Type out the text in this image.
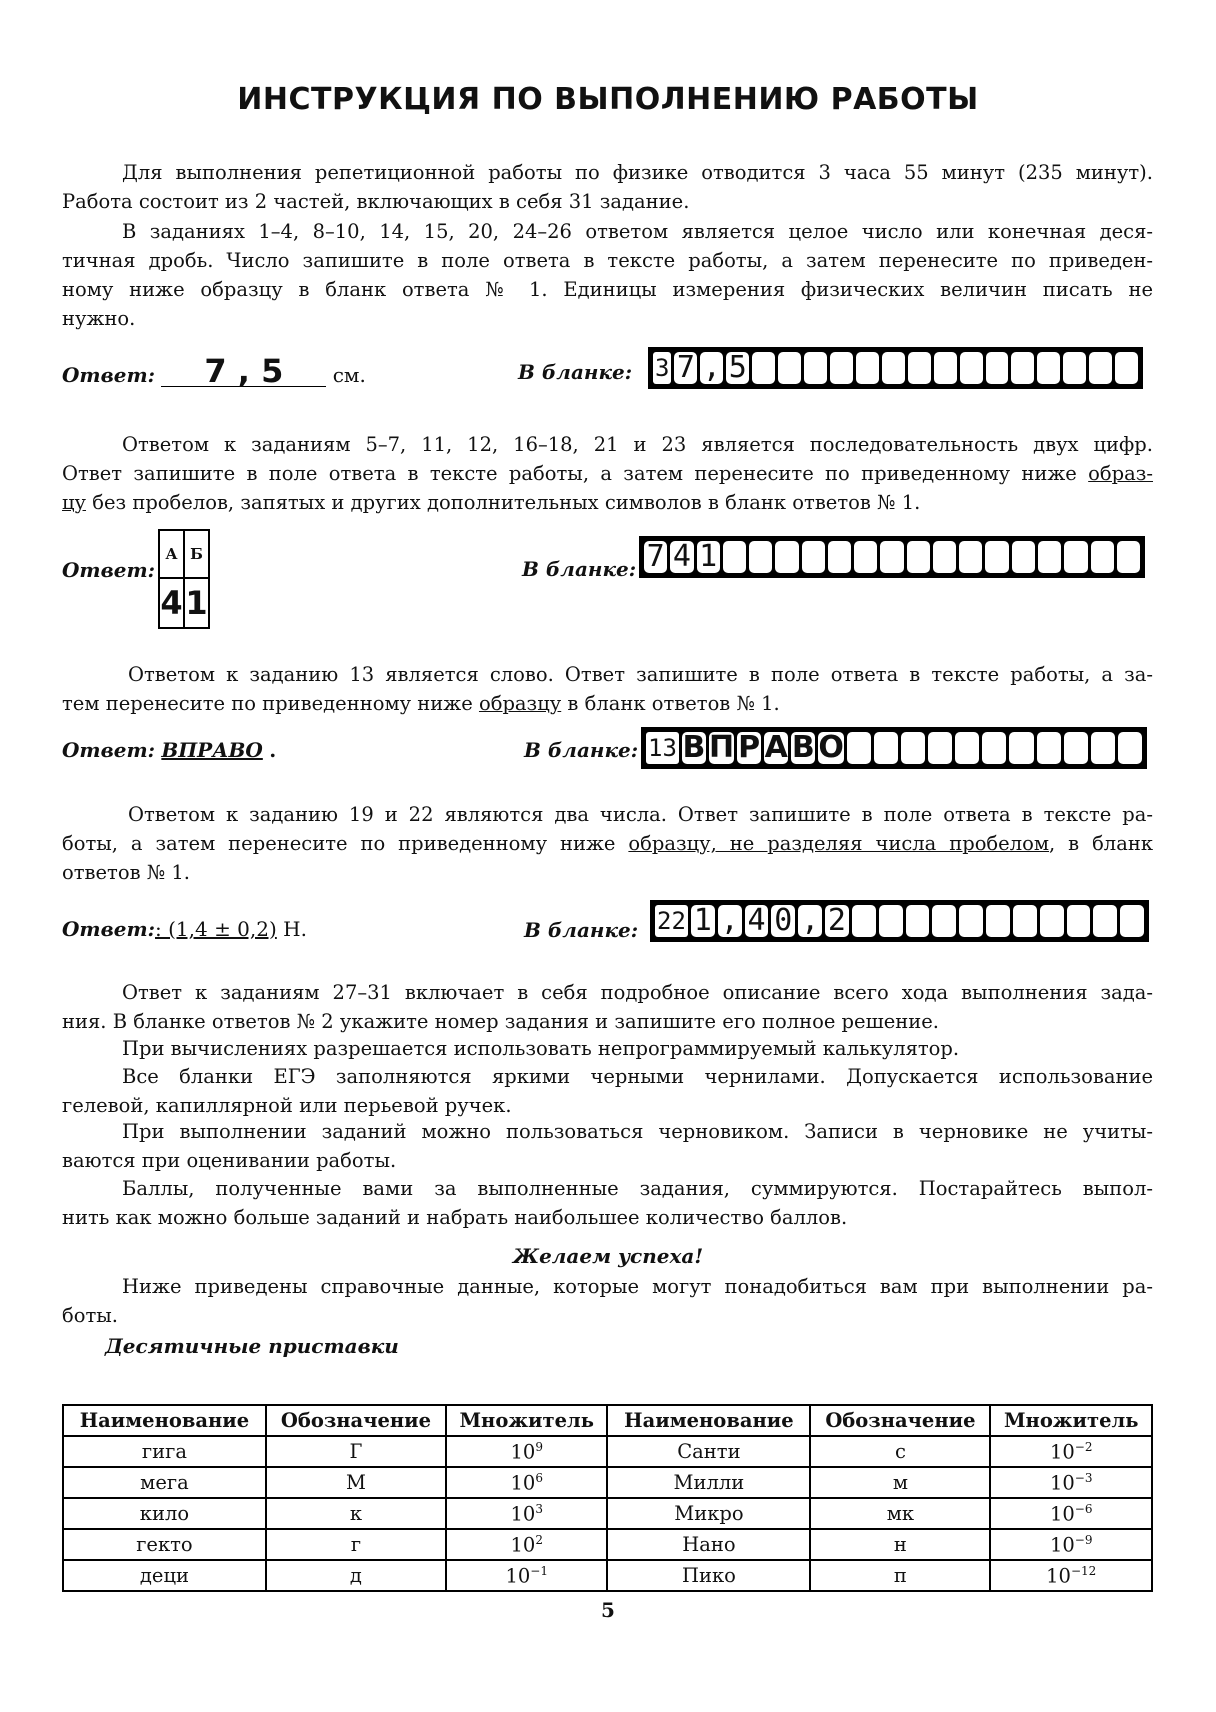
ИНСТРУКЦИЯ ПО ВЫПОЛНЕНИЮ РАБОТЫ
Для выполнения репетиционной работы по физике отводится 3 часа 55 минут (235 минут).
Работа состоит из 2 частей, включающих в себя 31 задание.
В заданиях 1–4, 8–10, 14, 15, 20, 24–26 ответом является целое число или конечная деся-
тичная дробь. Число запишите в поле ответа в тексте работы, а затем перенесите по приведен-
ному ниже образцу в бланк ответа № 1. Единицы измерения физических величин писать не
нужно.
Ответ: 7 , 5 см.	В бланке: 3 7 , 5
Ответом к заданиям 5–7, 11, 12, 16–18, 21 и 23 является последовательность двух цифр.
Ответ запишите в поле ответа в тексте работы, а затем перенесите по приведенному ниже образ-
цу без пробелов, запятых и других дополнительных символов в бланк ответов № 1.
Ответ:
А	Б
4	1
В бланке: 7 4 1
Ответом к заданию 13 является слово. Ответ запишите в поле ответа в тексте работы, а за-
тем перенесите по приведенному ниже образцу в бланк ответов № 1.
Ответ: ВПРАВО .	В бланке: 13 В П Р А В О
Ответом к заданию 19 и 22 являются два числа. Ответ запишите в поле ответа в тексте ра-
боты, а затем перенесите по приведенному ниже образцу, не разделяя числа пробелом, в бланк
ответов № 1.
Ответ:: (1,4 ± 0,2) Н.	В бланке: 22 1 , 4 0 , 2
Ответ к заданиям 27–31 включает в себя подробное описание всего хода выполнения зада-
ния. В бланке ответов № 2 укажите номер задания и запишите его полное решение.
При вычислениях разрешается использовать непрограммируемый калькулятор.
Все бланки ЕГЭ заполняются яркими черными чернилами. Допускается использование
гелевой, капиллярной или перьевой ручек.
При выполнении заданий можно пользоваться черновиком. Записи в черновике не учиты-
ваются при оценивании работы.
Баллы, полученные вами за выполненные задания, суммируются. Постарайтесь выпол-
нить как можно больше заданий и набрать наибольшее количество баллов.
Желаем успеха!
Ниже приведены справочные данные, которые могут понадобиться вам при выполнении ра-
боты.
Десятичные приставки
Наименование	Обозначение	Множитель	Наименование	Обозначение	Множитель
гига	Г	$10^9$	Санти	с	$10^{-2}$
мега	М	$10^6$	Милли	м	$10^{-3}$
кило	к	$10^3$	Микро	мк	$10^{-6}$
гекто	г	$10^2$	Нано	н	$10^{-9}$
деци	д	$10^{-1}$	Пико	п	$10^{-12}$
5
